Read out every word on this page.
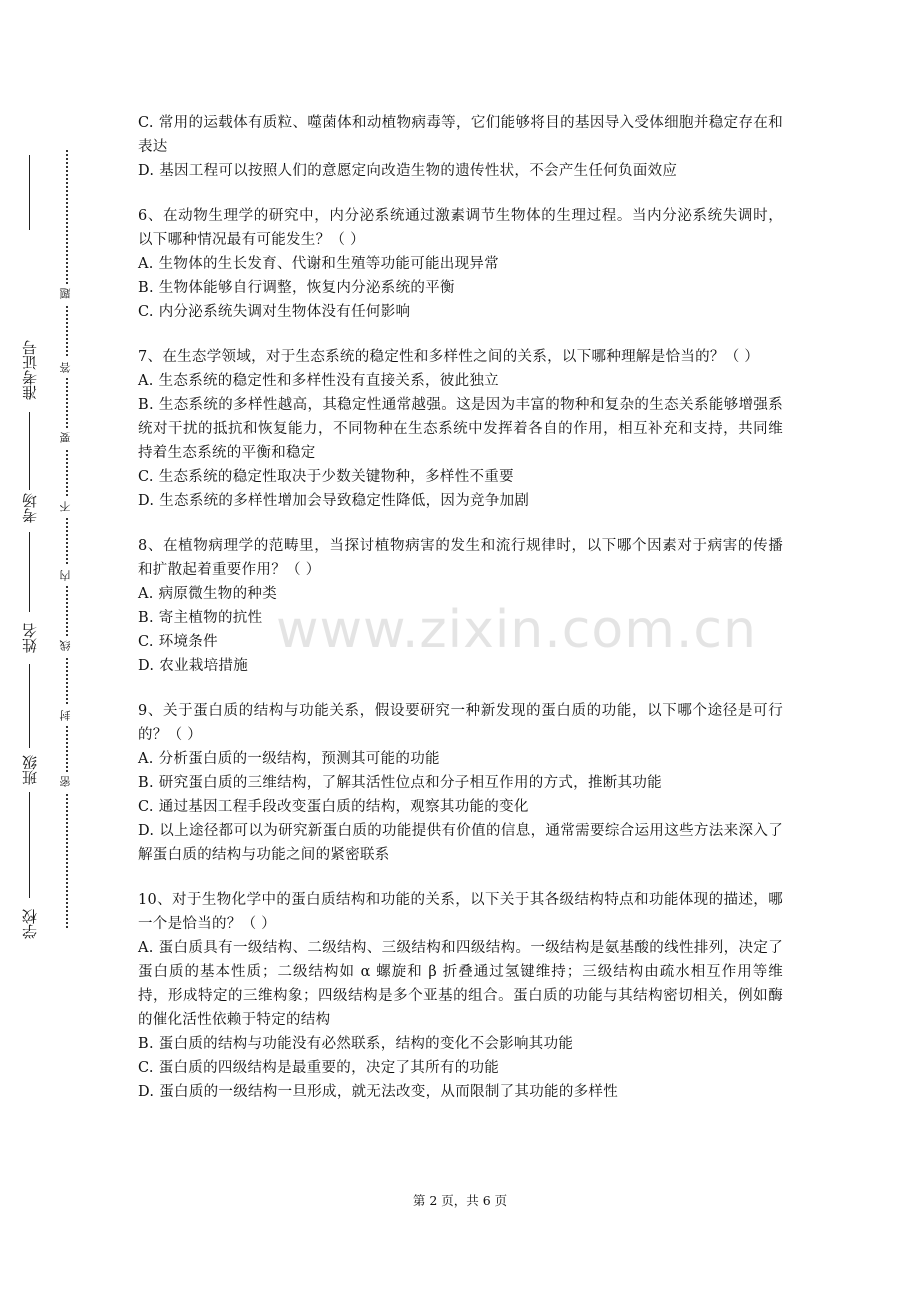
准考证号
考场
姓名
班级
学校
题
答
要
不
内
线
封
密

C. 常用的运载体有质粒、噬菌体和动植物病毒等，它们能够将目的基因导入受体细胞并稳定存在和表达

D. 基因工程可以按照人们的意愿定向改造生物的遗传性状，不会产生任何负面效应

6、在动物生理学的研究中，内分泌系统通过激素调节生物体的生理过程。当内分泌系统失调时，以下哪种情况最有可能发生？（ ）

A. 生物体的生长发育、代谢和生殖等功能可能出现异常

B. 生物体能够自行调整，恢复内分泌系统的平衡

C. 内分泌系统失调对生物体没有任何影响

7、在生态学领域，对于生态系统的稳定性和多样性之间的关系，以下哪种理解是恰当的？（ ）

A. 生态系统的稳定性和多样性没有直接关系，彼此独立

B. 生态系统的多样性越高，其稳定性通常越强。这是因为丰富的物种和复杂的生态关系能够增强系统对干扰的抵抗和恢复能力，不同物种在生态系统中发挥着各自的作用，相互补充和支持，共同维持着生态系统的平衡和稳定

C. 生态系统的稳定性取决于少数关键物种，多样性不重要

D. 生态系统的多样性增加会导致稳定性降低，因为竞争加剧

8、在植物病理学的范畴里，当探讨植物病害的发生和流行规律时，以下哪个因素对于病害的传播和扩散起着重要作用？（ ）

A. 病原微生物的种类

B. 寄主植物的抗性

C. 环境条件

D. 农业栽培措施

9、关于蛋白质的结构与功能关系，假设要研究一种新发现的蛋白质的功能，以下哪个途径是可行的？（ ）

A. 分析蛋白质的一级结构，预测其可能的功能

B. 研究蛋白质的三维结构，了解其活性位点和分子相互作用的方式，推断其功能

C. 通过基因工程手段改变蛋白质的结构，观察其功能的变化

D. 以上途径都可以为研究新蛋白质的功能提供有价值的信息，通常需要综合运用这些方法来深入了解蛋白质的结构与功能之间的紧密联系

10、对于生物化学中的蛋白质结构和功能的关系，以下关于其各级结构特点和功能体现的描述，哪一个是恰当的？（ ）

A. 蛋白质具有一级结构、二级结构、三级结构和四级结构。一级结构是氨基酸的线性排列，决定了蛋白质的基本性质；二级结构如 α 螺旋和 β 折叠通过氢键维持；三级结构由疏水相互作用等维持，形成特定的三维构象；四级结构是多个亚基的组合。蛋白质的功能与其结构密切相关，例如酶的催化活性依赖于特定的结构

B. 蛋白质的结构与功能没有必然联系，结构的变化不会影响其功能

C. 蛋白质的四级结构是最重要的，决定了其所有的功能

D. 蛋白质的一级结构一旦形成，就无法改变，从而限制了其功能的多样性

www.zixin.com.cn
第 2 页，共 6 页
